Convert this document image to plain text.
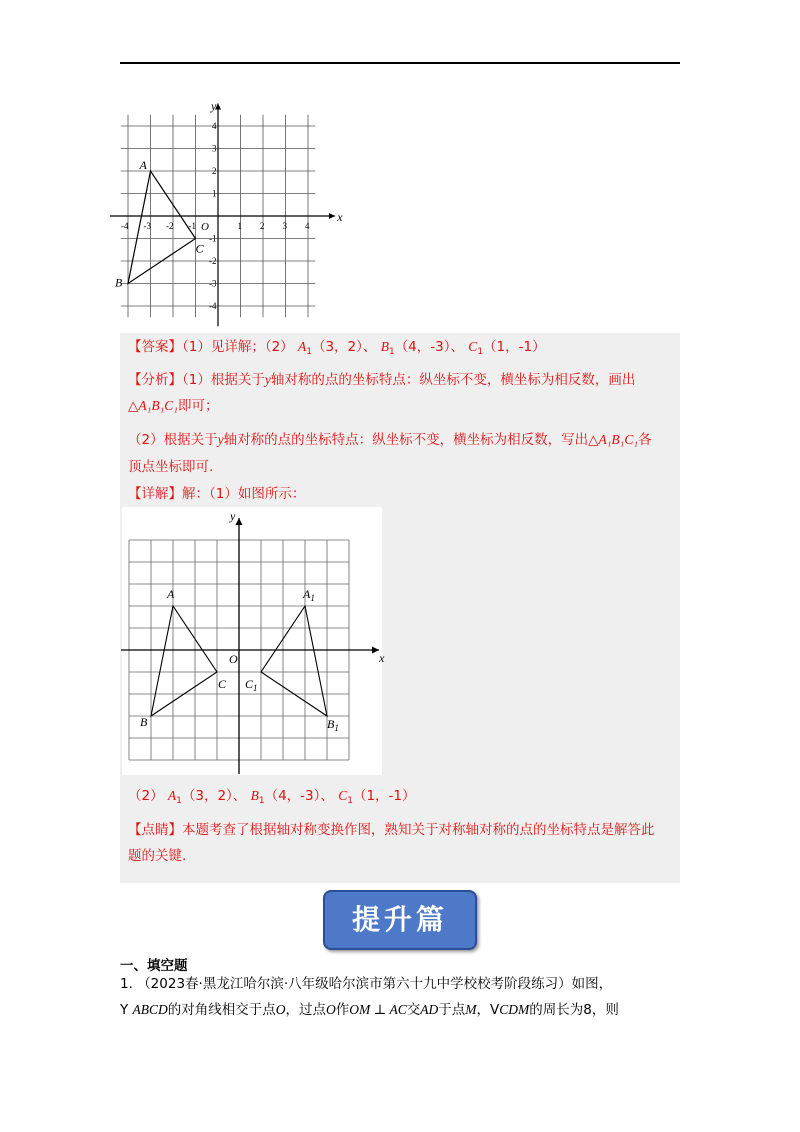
x
y
O
-4 -3 -2 -1	1 2 3 4
4
3
2
1
-1
-2
-3
-4
A
B
C
【答案】（1）见详解；（2） $A_1(3$，2）、 $B_1(4$，-3）、 $C_1(1$，-1）
【分析】（1）根据关于y轴对称的点的坐标特点：纵坐标不变，横坐标为相反数，画出
△A₁B₁C₁即可；
（2）根据关于y轴对称的点的坐标特点：纵坐标不变，横坐标为相反数，写出△A₁B₁C₁各
顶点坐标即可.
【详解】解：（1）如图所示：
x
y
O
A
B
C
$A_1$
$B_1$
$C_1$
（2） $A_1(3$，2）、 $B_1(4$，-3）、 $C_1(1$，-1）
【点睛】本题考查了根据轴对称变换作图，熟知关于对称轴对称的点的坐标特点是解答此
题的关键.
提升篇
一、填空题
1. （2023春·黑龙江哈尔滨·八年级哈尔滨市第六十九中学校校考阶段练习）如图，
Y ABCD的对角线相交于点O，过点O作OM ⊥ AC交AD于点M，VCDM的周长为8，则
